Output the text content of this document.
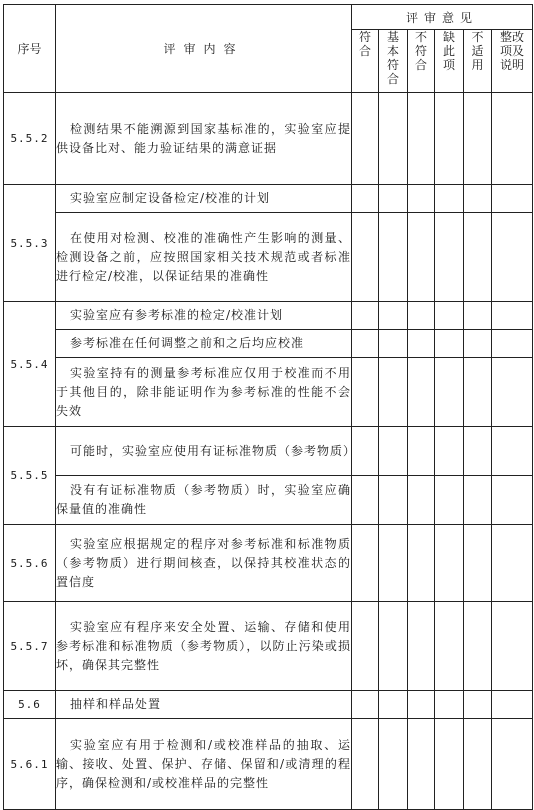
序号	评审内容	评审意见					

		符合	基本符合	不符合	缺此项	不适用	整改项及说明

5.5.2	检测结果不能溯源到国家基标准的，实验室应提供设备比对、能力验证结果的满意证据						
5.5.3	实验室应制定设备检定/校准的计划						
	在使用对检测、校准的准确性产生影响的测量、检测设备之前，应按照国家相关技术规范或者标准进行检定/校准，以保证结果的准确性						
5.5.4	实验室应有参考标准的检定/校准计划						
	参考标准在任何调整之前和之后均应校准						
	实验室持有的测量参考标准应仅用于校准而不用于其他目的，除非能证明作为参考标准的性能不会失效						
5.5.5	可能时，实验室应使用有证标准物质（参考物质）						
	没有有证标准物质（参考物质）时，实验室应确保量值的准确性						
5.5.6	实验室应根据规定的程序对参考标准和标准物质（参考物质）进行期间核查，以保持其校准状态的置信度						
5.5.7	实验室应有程序来安全处置、运输、存储和使用参考标准和标准物质（参考物质），以防止污染或损坏，确保其完整性						
5.6	抽样和样品处置						
5.6.1	实验室应有用于检测和/或校准样品的抽取、运输、接收、处置、保护、存储、保留和/或清理的程序，确保检测和/或校准样品的完整性						
